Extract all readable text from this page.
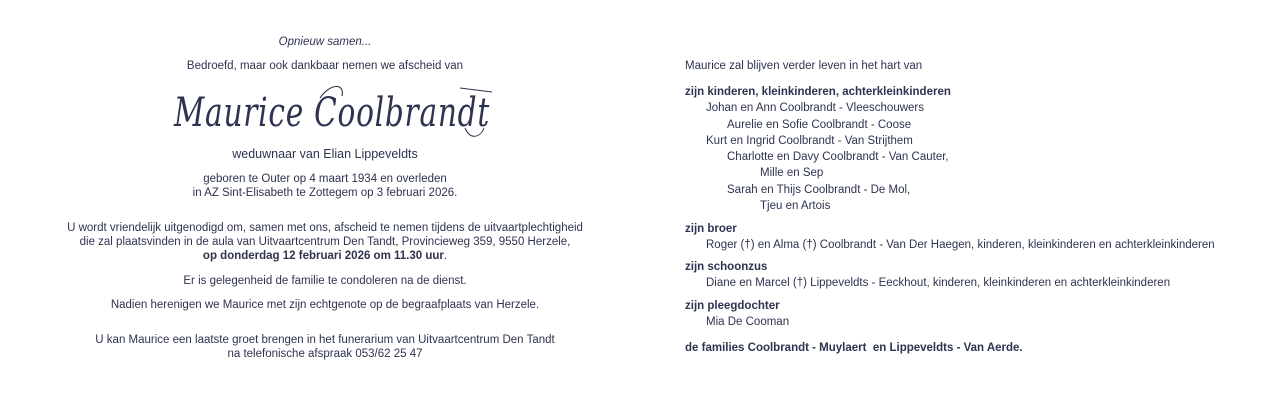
Opnieuw samen...
Bedroefd, maar ook dankbaar nemen we afscheid van
Maurice Coolbrandt
weduwnaar van Elian Lippeveldts
geboren te Outer op 4 maart 1934 en overleden
in AZ Sint-Elisabeth te Zottegem op 3 februari 2026.
U wordt vriendelijk uitgenodigd om, samen met ons, afscheid te nemen tijdens de uitvaartplechtigheid
die zal plaatsvinden in de aula van Uitvaartcentrum Den Tandt, Provincieweg 359, 9550 Herzele,
op donderdag 12 februari 2026 om 11.30 uur.
Er is gelegenheid de familie te condoleren na de dienst.
Nadien herenigen we Maurice met zijn echtgenote op de begraafplaats van Herzele.
U kan Maurice een laatste groet brengen in het funerarium van Uitvaartcentrum Den Tandt
na telefonische afspraak 053/62 25 47
Maurice zal blijven verder leven in het hart van
zijn kinderen, kleinkinderen, achterkleinkinderen
Johan en Ann Coolbrandt - Vleeschouwers
Aurelie en Sofie Coolbrandt - Coose
Kurt en Ingrid Coolbrandt - Van Strijthem
Charlotte en Davy Coolbrandt - Van Cauter,
Mille en Sep
Sarah en Thijs Coolbrandt - De Mol,
Tjeu en Artois
zijn broer
Roger (†) en Alma (†) Coolbrandt - Van Der Haegen, kinderen, kleinkinderen en achterkleinkinderen
zijn schoonzus
Diane en Marcel (†) Lippeveldts - Eeckhout, kinderen, kleinkinderen en achterkleinkinderen
zijn pleegdochter
Mia De Cooman
de families Coolbrandt - Muylaert  en Lippeveldts - Van Aerde.
